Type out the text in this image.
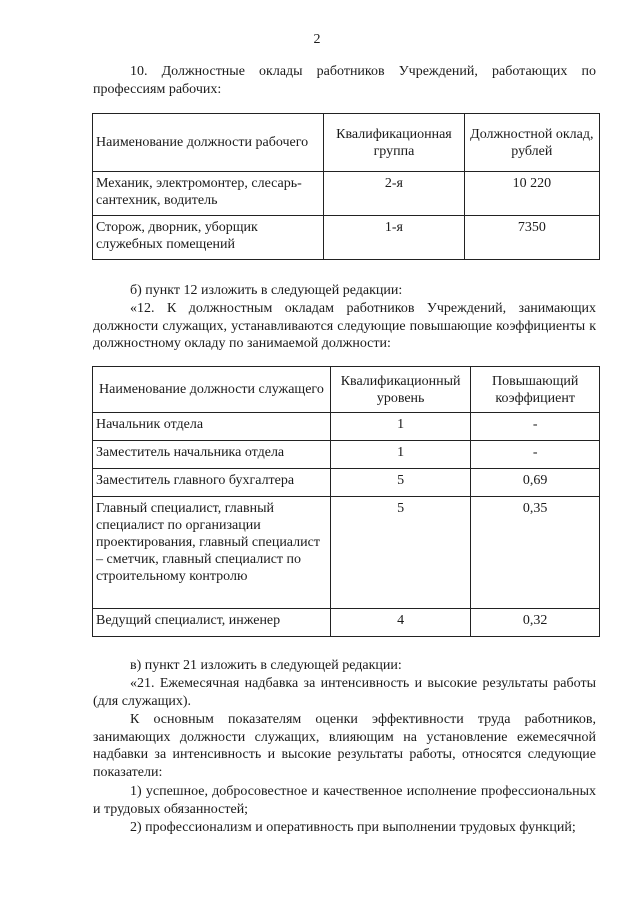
2
10. Должностные оклады работников Учреждений, работающих по профессиям рабочих:
Наименование должности рабочего	Квалификационная группа	Должностной оклад, рублей
Механик, электромонтер, слесарь-сантехник, водитель	2-я	10 220
Сторож, дворник, уборщик служебных помещений	1-я	7350
б) пункт 12 изложить в следующей редакции:
«12. К должностным окладам работников Учреждений, занимающих должности служащих, устанавливаются следующие повышающие коэффициенты к должностному окладу по занимаемой должности:
Наименование должности служащего	Квалификационный уровень	Повышающий коэффициент
Начальник отдела	1	-
Заместитель начальника отдела	1	-
Заместитель главного бухгалтера	5	0,69
Главный специалист, главный специалист по организации проектирования, главный специалист – сметчик, главный специалист по строительному контролю	5	0,35
Ведущий специалист, инженер	4	0,32
в) пункт 21 изложить в следующей редакции:
«21. Ежемесячная надбавка за интенсивность и высокие результаты работы (для служащих).
К основным показателям оценки эффективности труда работников, занимающих должности служащих, влияющим на установление ежемесячной надбавки за интенсивность и высокие результаты работы, относятся следующие показатели:
1) успешное, добросовестное и качественное исполнение профессиональных и трудовых обязанностей;
2) профессионализм и оперативность при выполнении трудовых функций;
